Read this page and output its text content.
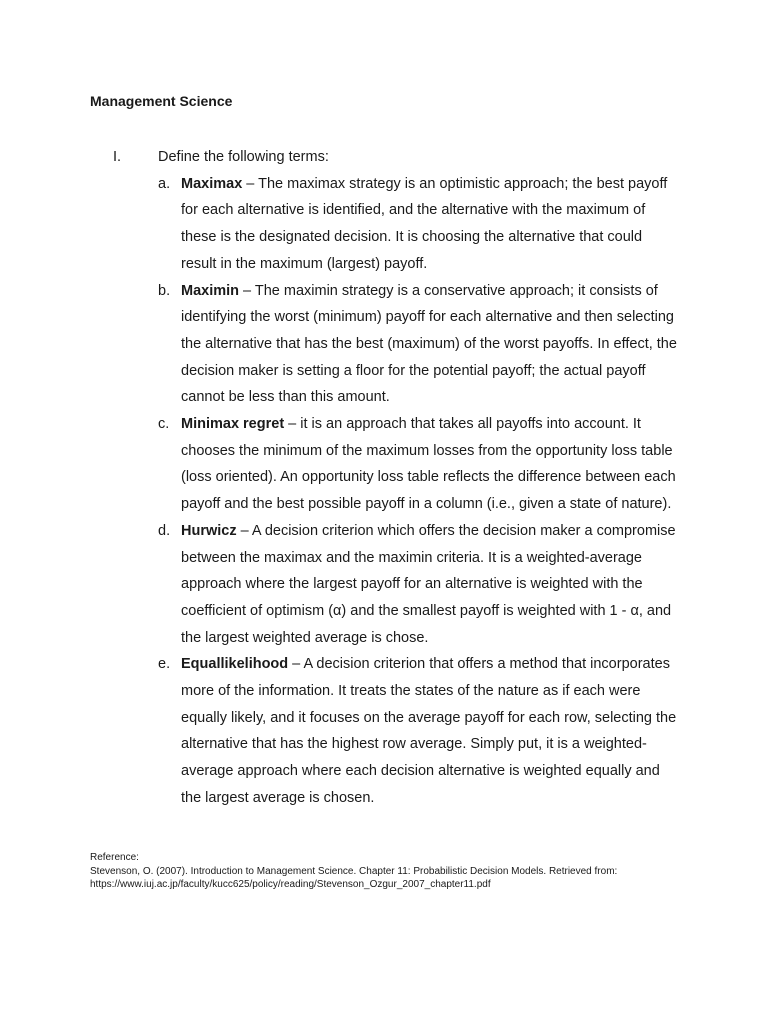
Management Science
I.	Define the following terms:
a. Maximax – The maximax strategy is an optimistic approach; the best payoff for each alternative is identified, and the alternative with the maximum of these is the designated decision. It is choosing the alternative that could result in the maximum (largest) payoff.
b. Maximin – The maximin strategy is a conservative approach; it consists of identifying the worst (minimum) payoff for each alternative and then selecting the alternative that has the best (maximum) of the worst payoffs. In effect, the decision maker is setting a floor for the potential payoff; the actual payoff cannot be less than this amount.
c. Minimax regret – it is an approach that takes all payoffs into account. It chooses the minimum of the maximum losses from the opportunity loss table (loss oriented). An opportunity loss table reflects the difference between each payoff and the best possible payoff in a column (i.e., given a state of nature).
d. Hurwicz – A decision criterion which offers the decision maker a compromise between the maximax and the maximin criteria. It is a weighted-average approach where the largest payoff for an alternative is weighted with the coefficient of optimism (α) and the smallest payoff is weighted with 1 - α, and the largest weighted average is chose.
e. Equallikelihood – A decision criterion that offers a method that incorporates more of the information. It treats the states of the nature as if each were equally likely, and it focuses on the average payoff for each row, selecting the alternative that has the highest row average. Simply put, it is a weighted-average approach where each decision alternative is weighted equally and the largest average is chosen.
Reference:
Stevenson, O. (2007). Introduction to Management Science. Chapter 11: Probabilistic Decision Models. Retrieved from: https://www.iuj.ac.jp/faculty/kucc625/policy/reading/Stevenson_Ozgur_2007_chapter11.pdf
